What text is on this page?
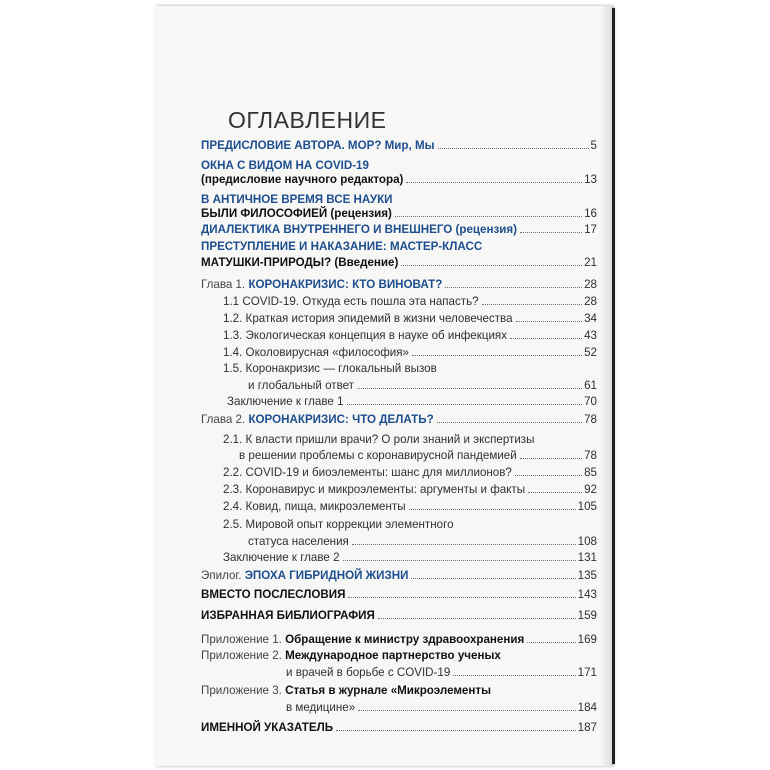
ОГЛАВЛЕНИЕ
ПРЕДИСЛОВИЕ АВТОРА. МОР? Мир, Мы	5
ОКНА С ВИДОМ НА COVID-19
(предисловие научного редактора)	13
В АНТИЧНОЕ ВРЕМЯ ВСЕ НАУКИ
БЫЛИ ФИЛОСОФИЕЙ (рецензия)	16
ДИАЛЕКТИКА ВНУТРЕННЕГО И ВНЕШНЕГО (рецензия)	17
ПРЕСТУПЛЕНИЕ И НАКАЗАНИЕ: МАСТЕР-КЛАСС
МАТУШКИ-ПРИРОДЫ? (Введение)	21
Глава 1. КОРОНАКРИЗИС: КТО ВИНОВАТ?	28
1.1 COVID-19. Откуда есть пошла эта напасть?	28
1.2. Краткая история эпидемий в жизни человечества	34
1.3. Экологическая концепция в науке об инфекциях	43
1.4. Околовирусная «философия»	52
1.5. Коронакризис — глокальный вызов
и глобальный ответ	61
Заключение к главе 1	70
Глава 2. КОРОНАКРИЗИС: ЧТО ДЕЛАТЬ?	78
2.1. К власти пришли врачи? О роли знаний и экспертизы
в решении проблемы с коронавирусной пандемией	78
2.2. COVID-19 и биоэлементы: шанс для миллионов?	85
2.3. Коронавирус и микроэлементы: аргументы и факты	92
2.4. Ковид, пища, микроэлементы	105
2.5. Мировой опыт коррекции элементного
статуса населения	108
Заключение к главе 2	131
Эпилог. ЭПОХА ГИБРИДНОЙ ЖИЗНИ	135
ВМЕСТО ПОСЛЕСЛОВИЯ	143
ИЗБРАННАЯ БИБЛИОГРАФИЯ	159
Приложение 1. Обращение к министру здравоохранения	169
Приложение 2. Международное партнерство ученых
и врачей в борьбе с COVID-19	171
Приложение 3. Статья в журнале «Микроэлементы
в медицине»	184
ИМЕННОЙ УКАЗАТЕЛЬ	187
